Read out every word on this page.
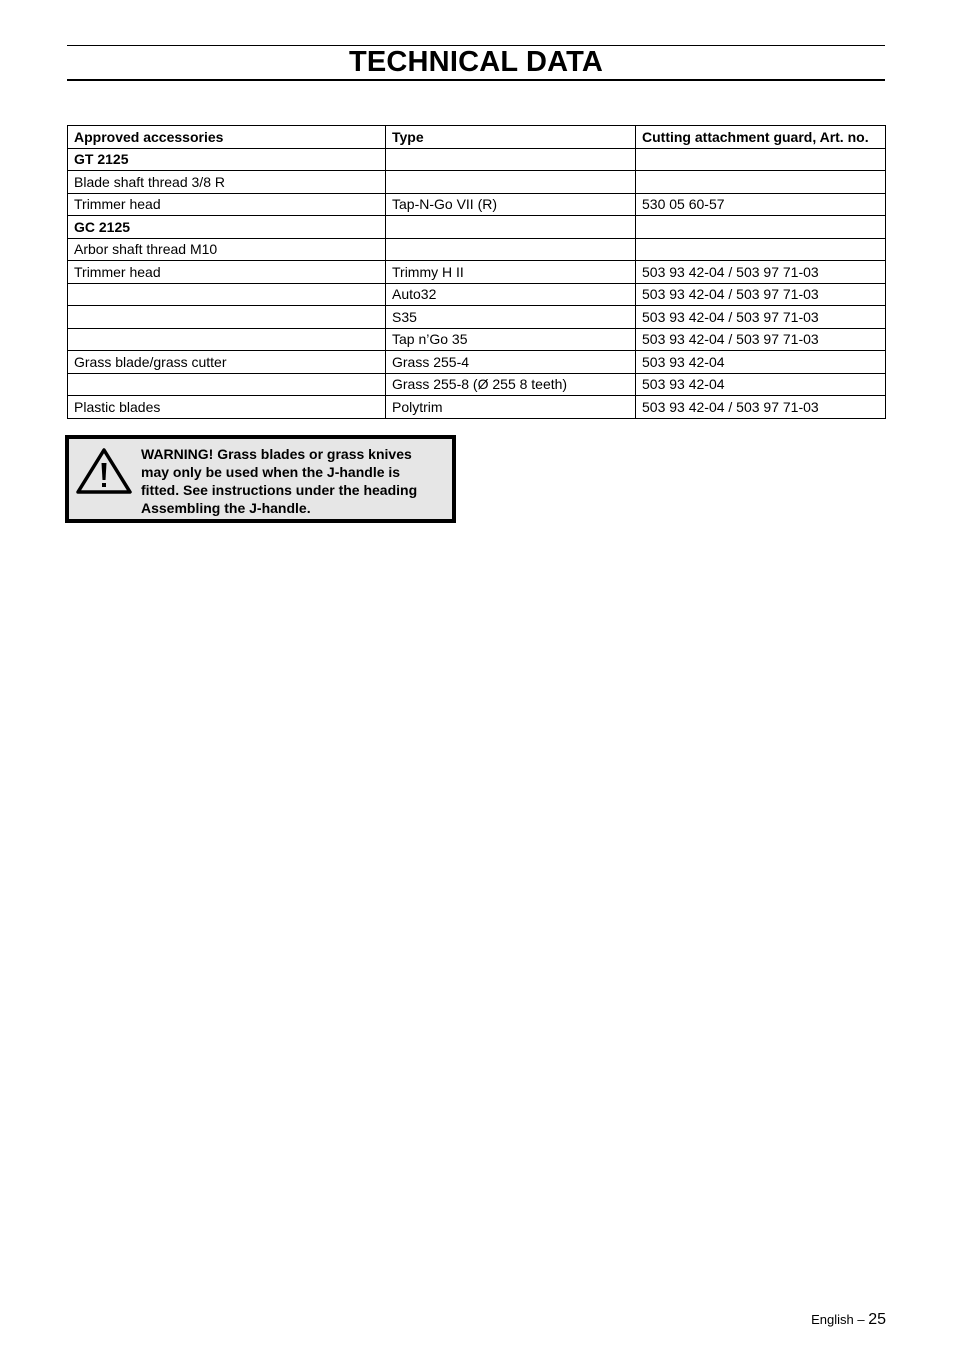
TECHNICAL DATA
Approved accessories	Type	Cutting attachment guard, Art. no.
GT 2125		
Blade shaft thread 3/8 R		
Trimmer head	Tap-N-Go VII (R)	530 05 60-57
GC 2125		
Arbor shaft thread M10		
Trimmer head	Trimmy H II	503 93 42-04 / 503 97 71-03
	Auto32	503 93 42-04 / 503 97 71-03
	S35	503 93 42-04 / 503 97 71-03
	Tap n’Go 35	503 93 42-04 / 503 97 71-03
Grass blade/grass cutter	Grass 255-4	503 93 42-04
	Grass 255-8 (Ø 255 8 teeth)	503 93 42-04
Plastic blades	Polytrim	503 93 42-04 / 503 97 71-03
WARNING! Grass blades or grass knives may only be used when the J-handle is fitted. See instructions under the heading Assembling the J-handle.
English – 25
